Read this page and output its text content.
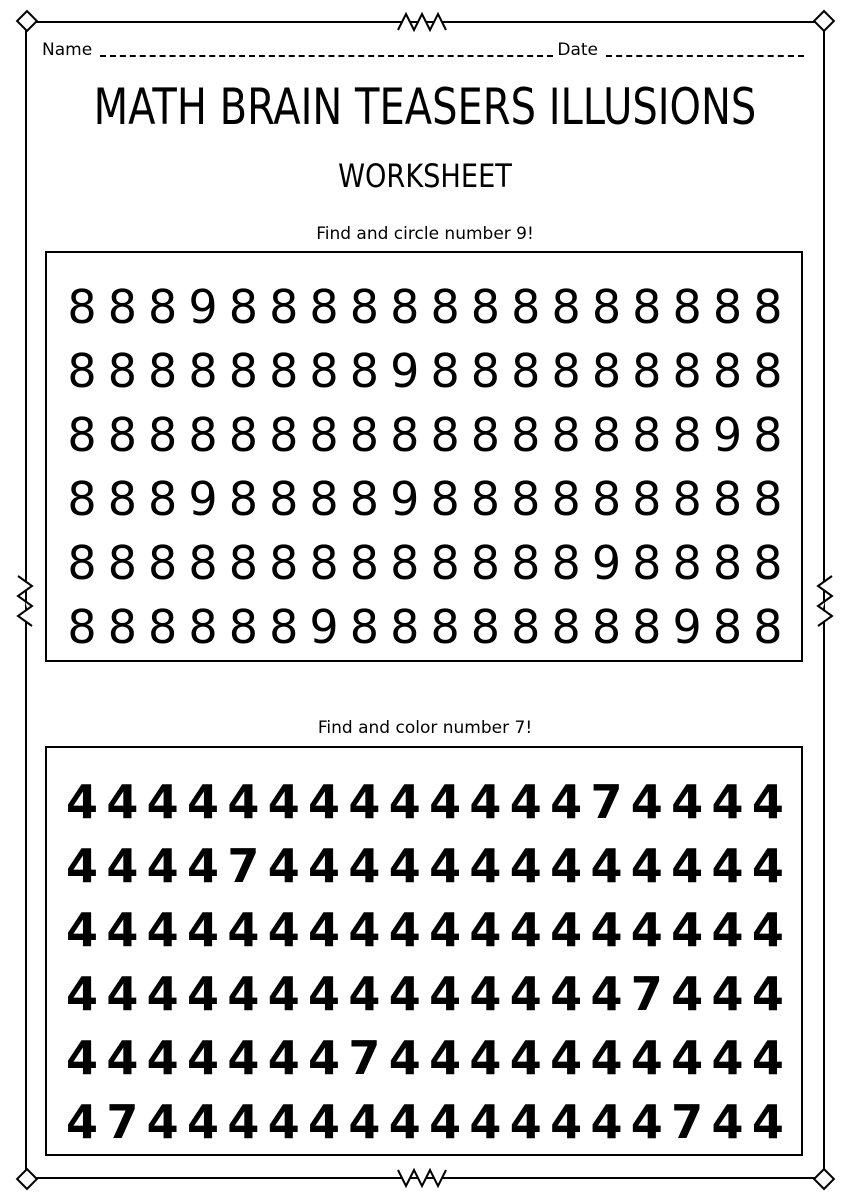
Name	Date
MATH BRAIN TEASERS ILLUSIONS
WORKSHEET
Find and circle number 9!
8 8 8 9 8 8 8 8 8 8 8 8 8 8 8 8 8 8
8 8 8 8 8 8 8 8 9 8 8 8 8 8 8 8 8 8
8 8 8 8 8 8 8 8 8 8 8 8 8 8 8 8 9 8
8 8 8 9 8 8 8 8 9 8 8 8 8 8 8 8 8 8
8 8 8 8 8 8 8 8 8 8 8 8 8 9 8 8 8 8
8 8 8 8 8 8 9 8 8 8 8 8 8 8 8 9 8 8
Find and color number 7!
4 4 4 4 4 4 4 4 4 4 4 4 4 7 4 4 4 4
4 4 4 4 7 4 4 4 4 4 4 4 4 4 4 4 4 4
4 4 4 4 4 4 4 4 4 4 4 4 4 4 4 4 4 4
4 4 4 4 4 4 4 4 4 4 4 4 4 4 7 4 4 4
4 4 4 4 4 4 4 7 4 4 4 4 4 4 4 4 4 4
4 7 4 4 4 4 4 4 4 4 4 4 4 4 4 7 4 4
